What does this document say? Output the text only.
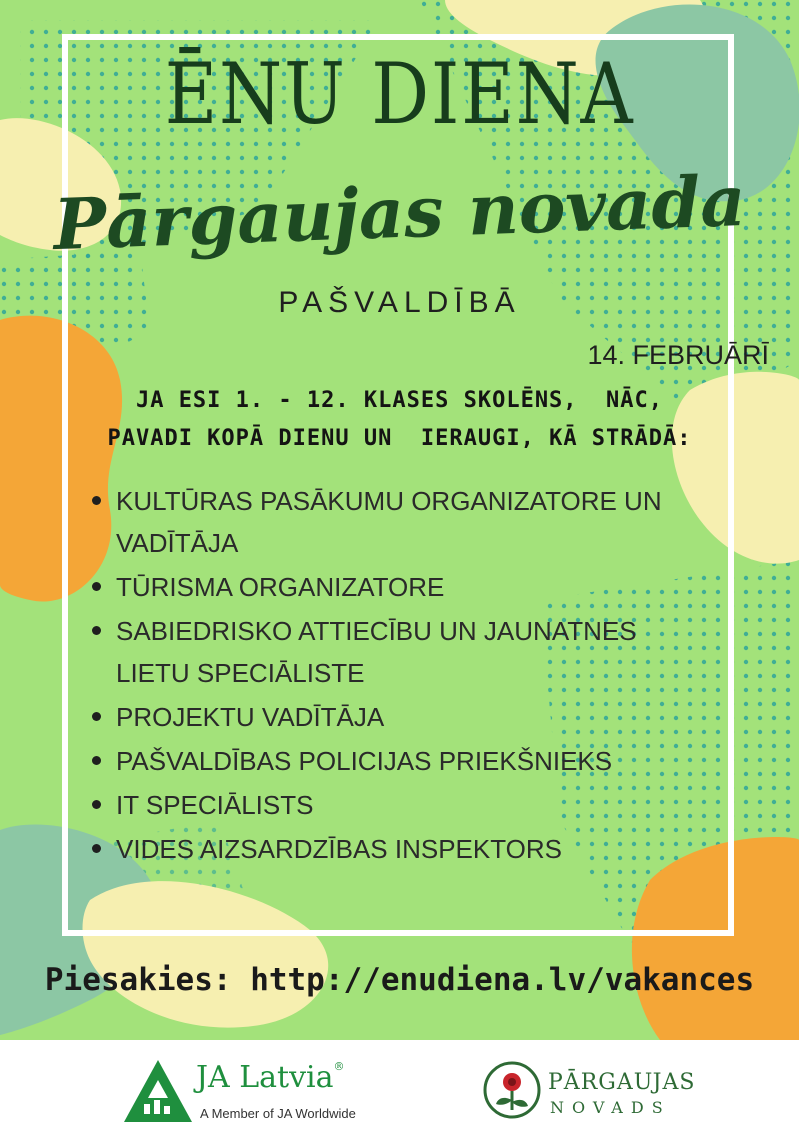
ĒNU DIENA
Pārgaujas novada
PAŠVALDĪBĀ
14. FEBRUĀRĪ
JA ESI 1. - 12. KLASES SKOLĒNS,  NĀC,
PAVADI KOPĀ DIENU UN  IERAUGI, KĀ STRĀDĀ:
KULTŪRAS PASĀKUMU ORGANIZATORE UN VADĪTĀJA
TŪRISMA ORGANIZATORE
SABIEDRISKO ATTIECĪBU UN JAUNATNES LIETU SPECIĀLISTE
PROJEKTU VADĪTĀJA
PAŠVALDĪBAS POLICIJAS PRIEKŠNIEKS
IT SPECIĀLISTS
VIDES AIZSARDZĪBAS INSPEKTORS
Piesakies: http://enudiena.lv/vakances
JA Latvia®
A Member of JA Worldwide
PĀRGAUJAS
NOVADS
